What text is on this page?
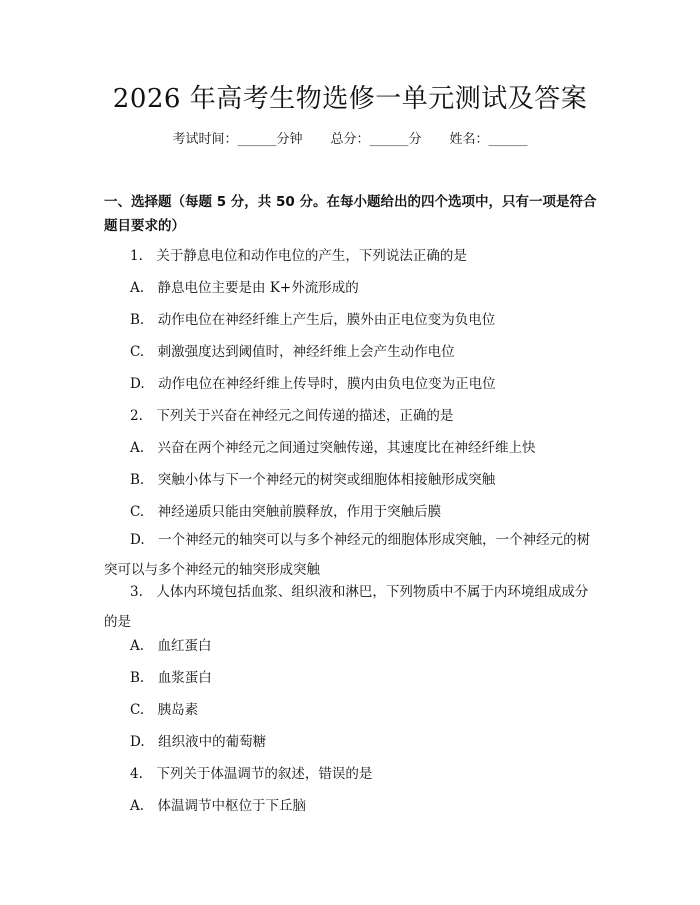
2026 年高考生物选修一单元测试及答案
考试时间：______分钟 总分：______分 姓名：______
一、选择题（每题 5 分，共 50 分。在每小题给出的四个选项中，只有一项是符合题目要求的）
1.　关于静息电位和动作电位的产生，下列说法正确的是
A.　静息电位主要是由 K+外流形成的
B.　动作电位在神经纤维上产生后，膜外由正电位变为负电位
C.　刺激强度达到阈值时，神经纤维上会产生动作电位
D.　动作电位在神经纤维上传导时，膜内由负电位变为正电位
2.　下列关于兴奋在神经元之间传递的描述，正确的是
A.　兴奋在两个神经元之间通过突触传递，其速度比在神经纤维上快
B.　突触小体与下一个神经元的树突或细胞体相接触形成突触
C.　神经递质只能由突触前膜释放，作用于突触后膜
D.　一个神经元的轴突可以与多个神经元的细胞体形成突触，一个神经元的树突可以与多个神经元的轴突形成突触
3.　人体内环境包括血浆、组织液和淋巴，下列物质中不属于内环境组成成分的是
A.　血红蛋白
B.　血浆蛋白
C.　胰岛素
D.　组织液中的葡萄糖
4.　下列关于体温调节的叙述，错误的是
A.　体温调节中枢位于下丘脑
